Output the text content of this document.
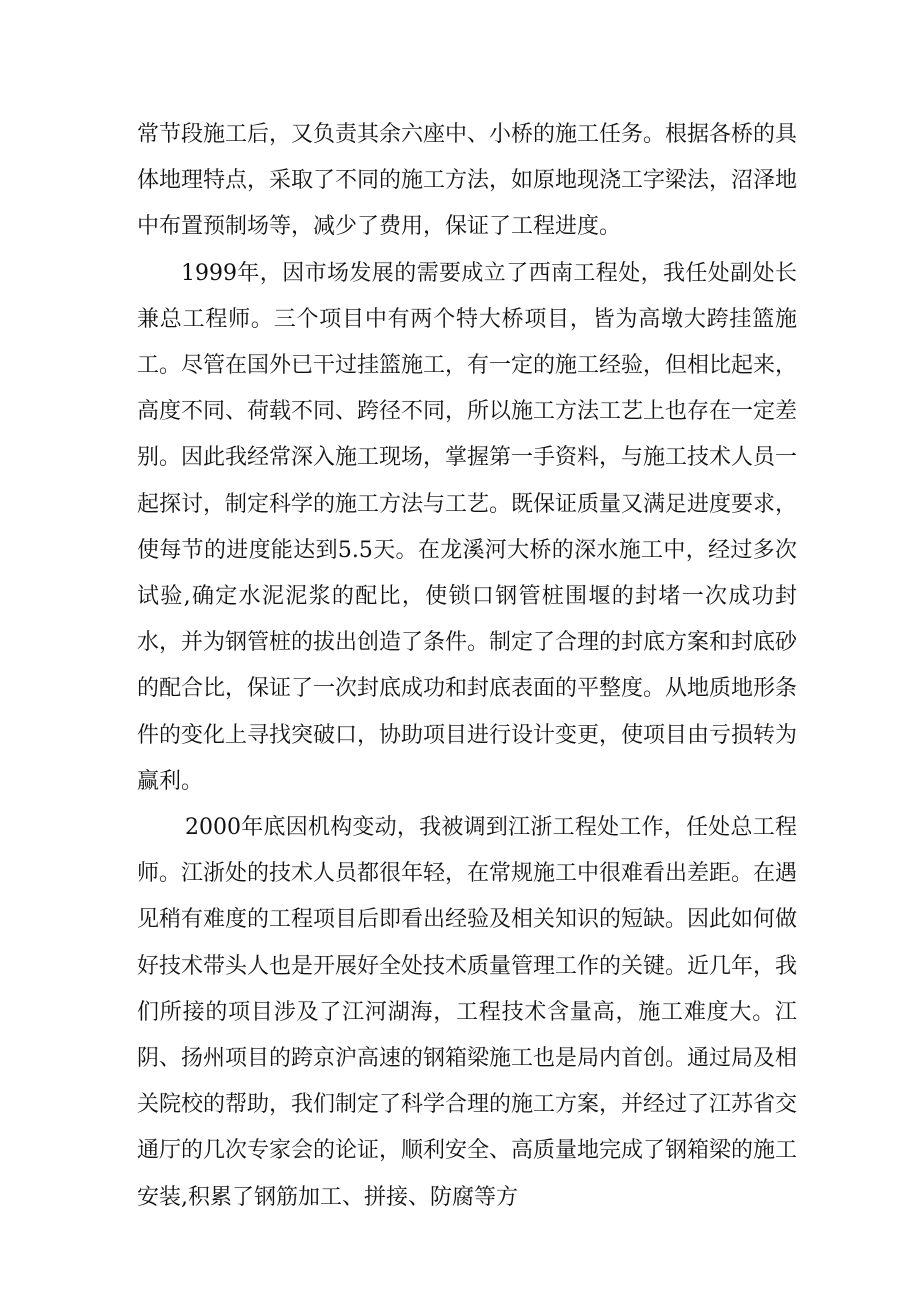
常节段施工后，又负责其余六座中、小桥的施工任务。根据各桥的具体地理特点，采取了不同的施工方法，如原地现浇工字梁法，沼泽地中布置预制场等，减少了费用，保证了工程进度。

1999年，因市场发展的需要成立了西南工程处，我任处副处长兼总工程师。三个项目中有两个特大桥项目，皆为高墩大跨挂篮施工。尽管在国外已干过挂篮施工，有一定的施工经验，但相比起来，高度不同、荷载不同、跨径不同，所以施工方法工艺上也存在一定差别。因此我经常深入施工现场，掌握第一手资料，与施工技术人员一起探讨，制定科学的施工方法与工艺。既保证质量又满足进度要求，使每节的进度能达到5.5天。在龙溪河大桥的深水施工中，经过多次试验,确定水泥泥浆的配比，使锁口钢管桩围堰的封堵一次成功封水，并为钢管桩的拔出创造了条件。制定了合理的封底方案和封底砂的配合比，保证了一次封底成功和封底表面的平整度。从地质地形条件的变化上寻找突破口，协助项目进行设计变更，使项目由亏损转为赢利。

2000年底因机构变动，我被调到江浙工程处工作，任处总工程师。江浙处的技术人员都很年轻，在常规施工中很难看出差距。在遇见稍有难度的工程项目后即看出经验及相关知识的短缺。因此如何做好技术带头人也是开展好全处技术质量管理工作的关键。近几年，我们所接的项目涉及了江河湖海，工程技术含量高，施工难度大。江阴、扬州项目的跨京沪高速的钢箱梁施工也是局内首创。通过局及相关院校的帮助，我们制定了科学合理的施工方案，并经过了江苏省交通厅的几次专家会的论证，顺利安全、高质量地完成了钢箱梁的施工安装,积累了钢筋加工、拼接、防腐等方
